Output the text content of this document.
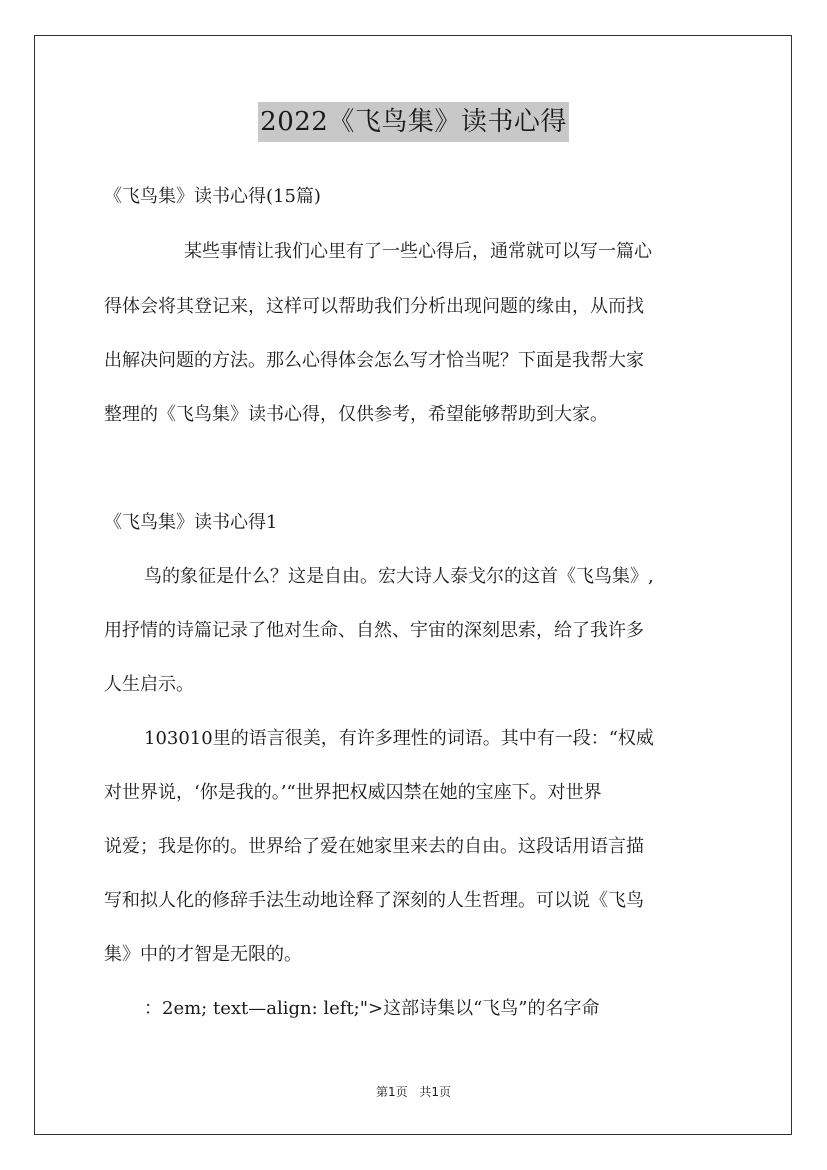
2022《飞鸟集》读书心得
《飞鸟集》读书心得(15篇)
某些事情让我们心里有了一些心得后，通常就可以写一篇心
得体会将其登记来，这样可以帮助我们分析出现问题的缘由，从而找
出解决问题的方法。那么心得体会怎么写才恰当呢？下面是我帮大家
整理的《飞鸟集》读书心得，仅供参考，希望能够帮助到大家。
《飞鸟集》读书心得1
鸟的象征是什么？这是自由。宏大诗人泰戈尔的这首《飞鸟集》,
用抒情的诗篇记录了他对生命、自然、宇宙的深刻思索，给了我许多
人生启示。
103010里的语言很美，有许多理性的词语。其中有一段：“权威
对世界说，‘你是我的。’“世界把权威囚禁在她的宝座下。对世界
说爱；我是你的。世界给了爱在她家里来去的自由。这段话用语言描
写和拟人化的修辞手法生动地诠释了深刻的人生哲理。可以说《飞鸟
集》中的才智是无限的。
：2em; text—align: left;">这部诗集以“飞鸟”的名字命
第1页 共1页
